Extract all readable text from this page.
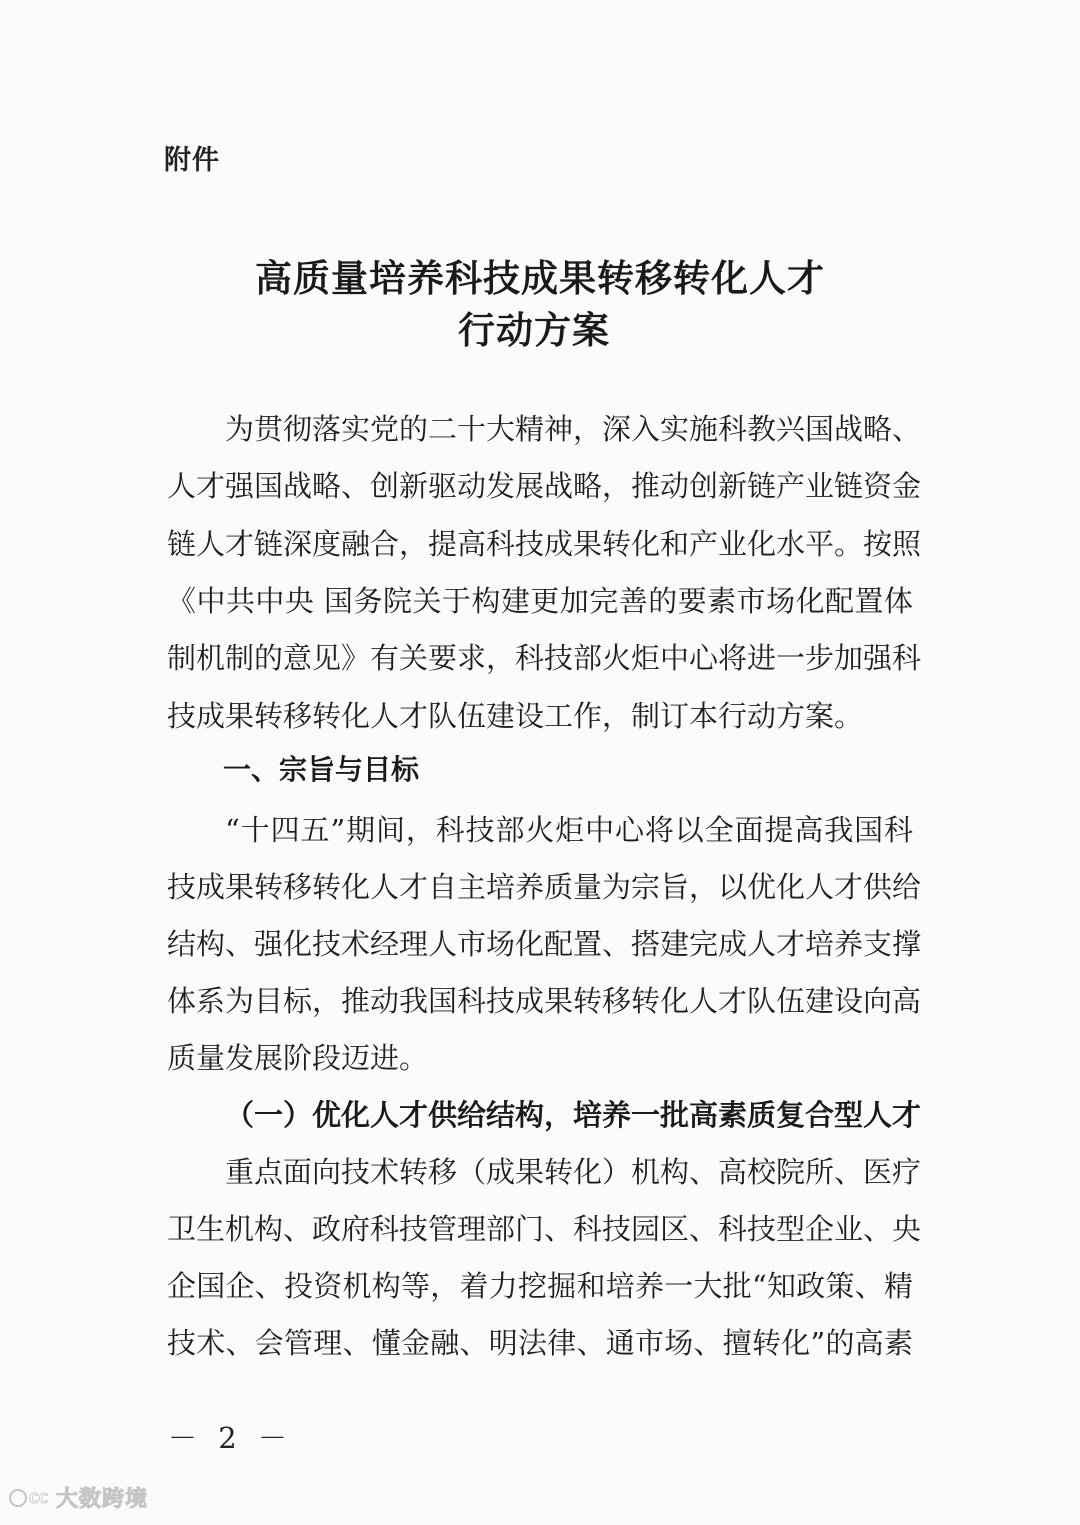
附件
高质量培养科技成果转移转化人才
行动方案
为贯彻落实党的二十大精神，深入实施科教兴国战略、
人才强国战略、创新驱动发展战略，推动创新链产业链资金
链人才链深度融合，提高科技成果转化和产业化水平。按照
《中共中央 国务院关于构建更加完善的要素市场化配置体
制机制的意见》有关要求，科技部火炬中心将进一步加强科
技成果转移转化人才队伍建设工作，制订本行动方案。
一、宗旨与目标
“十四五”期间，科技部火炬中心将以全面提高我国科
技成果转移转化人才自主培养质量为宗旨，以优化人才供给
结构、强化技术经理人市场化配置、搭建完成人才培养支撑
体系为目标，推动我国科技成果转移转化人才队伍建设向高
质量发展阶段迈进。
（一）优化人才供给结构，培养一批高素质复合型人才
重点面向技术转移（成果转化）机构、高校院所、医疗
卫生机构、政府科技管理部门、科技园区、科技型企业、央
企国企、投资机构等，着力挖掘和培养一大批“知政策、精
技术、会管理、懂金融、明法律、通市场、擅转化”的高素
－ 2 －
CC 大数跨境
